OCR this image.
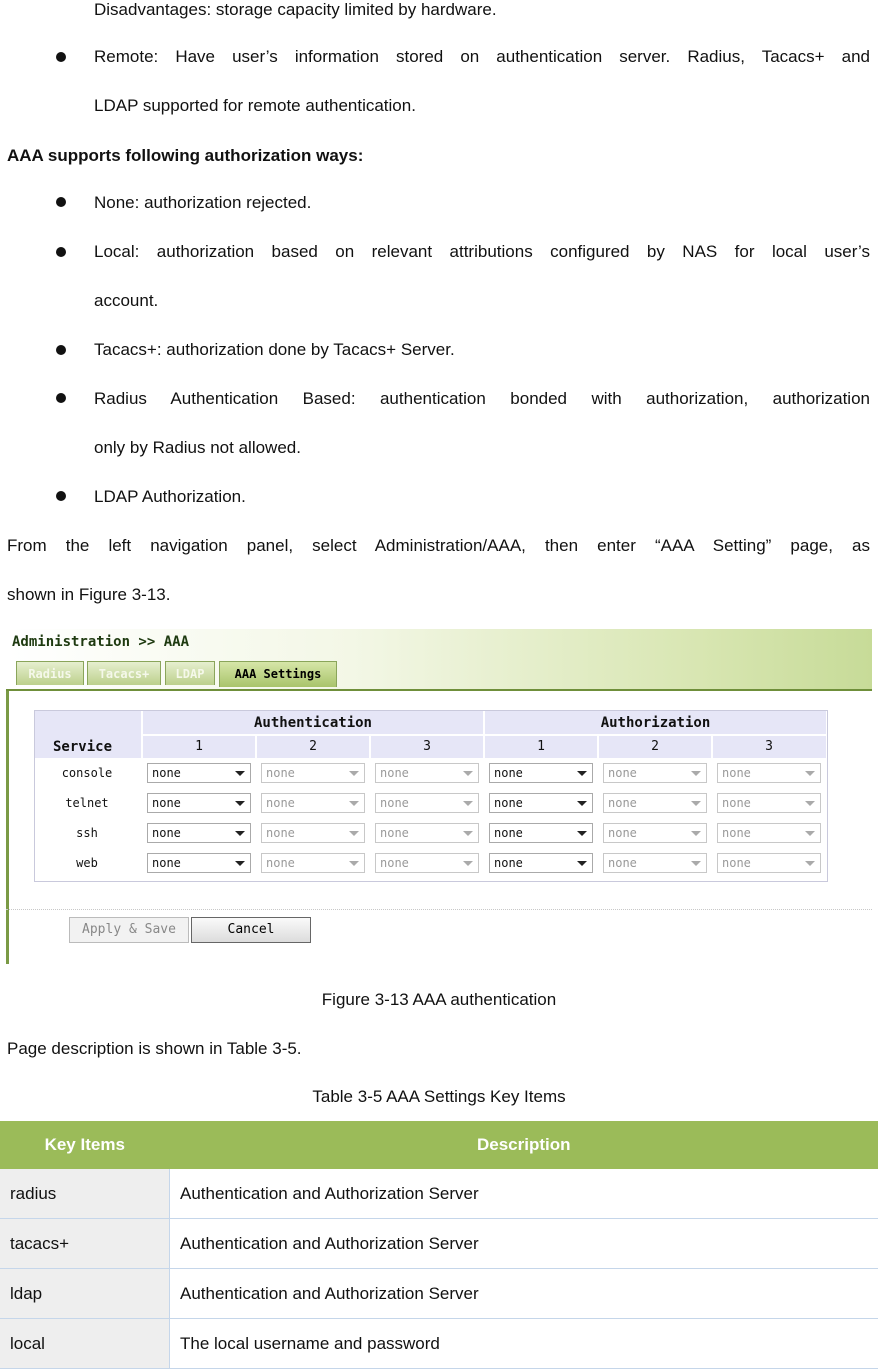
Disadvantages: storage capacity limited by hardware.
Remote: Have user’s information stored on authentication server. Radius, Tacacs+ and
LDAP supported for remote authentication.
AAA supports following authorization ways:
None: authorization rejected.
Local: authorization based on relevant attributions configured by NAS for local user’s
account.
Tacacs+: authorization done by Tacacs+ Server.
Radius Authentication Based: authentication bonded with authorization, authorization
only by Radius not allowed.
LDAP Authorization.
From the left navigation panel, select Administration/AAA, then enter “AAA Setting” page, as
shown in Figure 3-13.
Administration >> AAA
Radius	Tacacs+	LDAP	AAA Settings
Service
Authentication	Authorization
1	2	3	1	2	3
console	none	none	none	none	none	none
telnet	none	none	none	none	none	none
ssh	none	none	none	none	none	none
web	none	none	none	none	none	none
Apply & Save	Cancel
Figure 3-13 AAA authentication
Page description is shown in Table 3-5.
Table 3-5 AAA Settings Key Items
Key Items	Description
radius	Authentication and Authorization Server
tacacs+	Authentication and Authorization Server
ldap	Authentication and Authorization Server
local	The local username and password
